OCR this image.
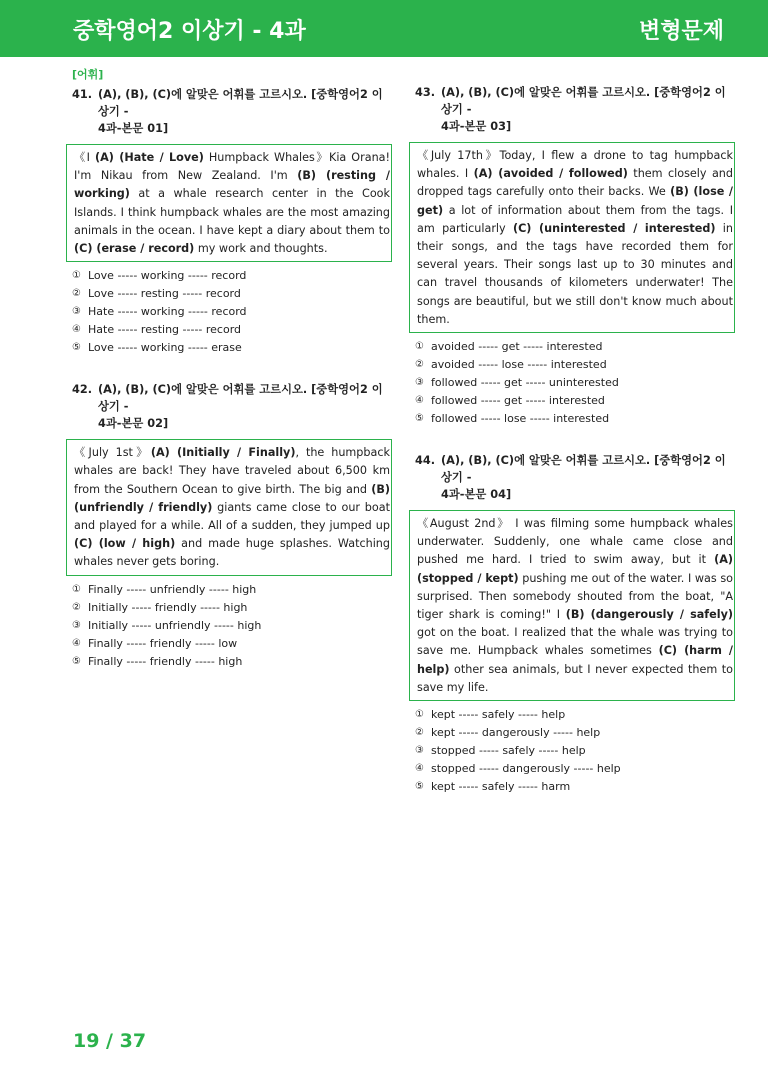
중학영어2 이상기 - 4과	변형문제
[어휘]
41. (A), (B), (C)에 알맞은 어휘를 고르시오. [중학영어2 이상기 -
4과-본문 01]
《I (A) (Hate / Love) Humpback Whales》Kia Orana! I'm Nikau from New Zealand. I'm (B) (resting / working) at a whale research center in the Cook Islands. I think humpback whales are the most amazing animals in the ocean. I have kept a diary about them to (C) (erase / record) my work and thoughts.
① Love ----- working ----- record
② Love ----- resting ----- record
③ Hate ----- working ----- record
④ Hate ----- resting ----- record
⑤ Love ----- working ----- erase
42. (A), (B), (C)에 알맞은 어휘를 고르시오. [중학영어2 이상기 -
4과-본문 02]
《July 1st》(A) (Initially / Finally), the humpback whales are back! They have traveled about 6,500 km from the Southern Ocean to give birth. The big and (B) (unfriendly / friendly) giants came close to our boat and played for a while. All of a sudden, they jumped up (C) (low / high) and made huge splashes. Watching whales never gets boring.
① Finally ----- unfriendly ----- high
② Initially ----- friendly ----- high
③ Initially ----- unfriendly ----- high
④ Finally ----- friendly ----- low
⑤ Finally ----- friendly ----- high
43. (A), (B), (C)에 알맞은 어휘를 고르시오. [중학영어2 이상기 -
4과-본문 03]
《July 17th》Today, I flew a drone to tag humpback whales. I (A) (avoided / followed) them closely and dropped tags carefully onto their backs. We (B) (lose / get) a lot of information about them from the tags. I am particularly (C) (uninterested / interested) in their songs, and the tags have recorded them for several years. Their songs last up to 30 minutes and can travel thousands of kilometers underwater! The songs are beautiful, but we still don't know much about them.
① avoided ----- get ----- interested
② avoided ----- lose ----- interested
③ followed ----- get ----- uninterested
④ followed ----- get ----- interested
⑤ followed ----- lose ----- interested
44. (A), (B), (C)에 알맞은 어휘를 고르시오. [중학영어2 이상기 -
4과-본문 04]
《August 2nd》 I was filming some humpback whales underwater. Suddenly, one whale came close and pushed me hard. I tried to swim away, but it (A) (stopped / kept) pushing me out of the water. I was so surprised. Then somebody shouted from the boat, "A tiger shark is coming!" I (B) (dangerously / safely) got on the boat. I realized that the whale was trying to save me. Humpback whales sometimes (C) (harm / help) other sea animals, but I never expected them to save my life.
① kept ----- safely ----- help
② kept ----- dangerously ----- help
③ stopped ----- safely ----- help
④ stopped ----- dangerously ----- help
⑤ kept ----- safely ----- harm
19 / 37
